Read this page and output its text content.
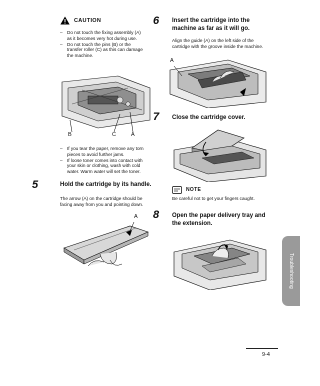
CAUTION
– Do not touch the fixing assembly (A) as it becomes very hot during use.
– Do not touch the pins (B) or the transfer roller (C) as this can damage the machine.
B	C	A
– If you tear the paper, remove any torn pieces to avoid further jams.
– If loose toner comes into contact with your skin or clothing, wash with cold water. Warm water will set the toner.
5	Hold the cartridge by its handle.
The arrow (A) on the cartridge should be facing away from you and pointing down.
A
6 Insert the cartridge into the machine as far as it will go.
Align the guide (A) on the left side of the cartridge with the groove inside the machine.
A
7 Close the cartridge cover.
NOTE
Be careful not to get your fingers caught.
8 Open the paper delivery tray and the extension.
Troubleshooting
9-4
